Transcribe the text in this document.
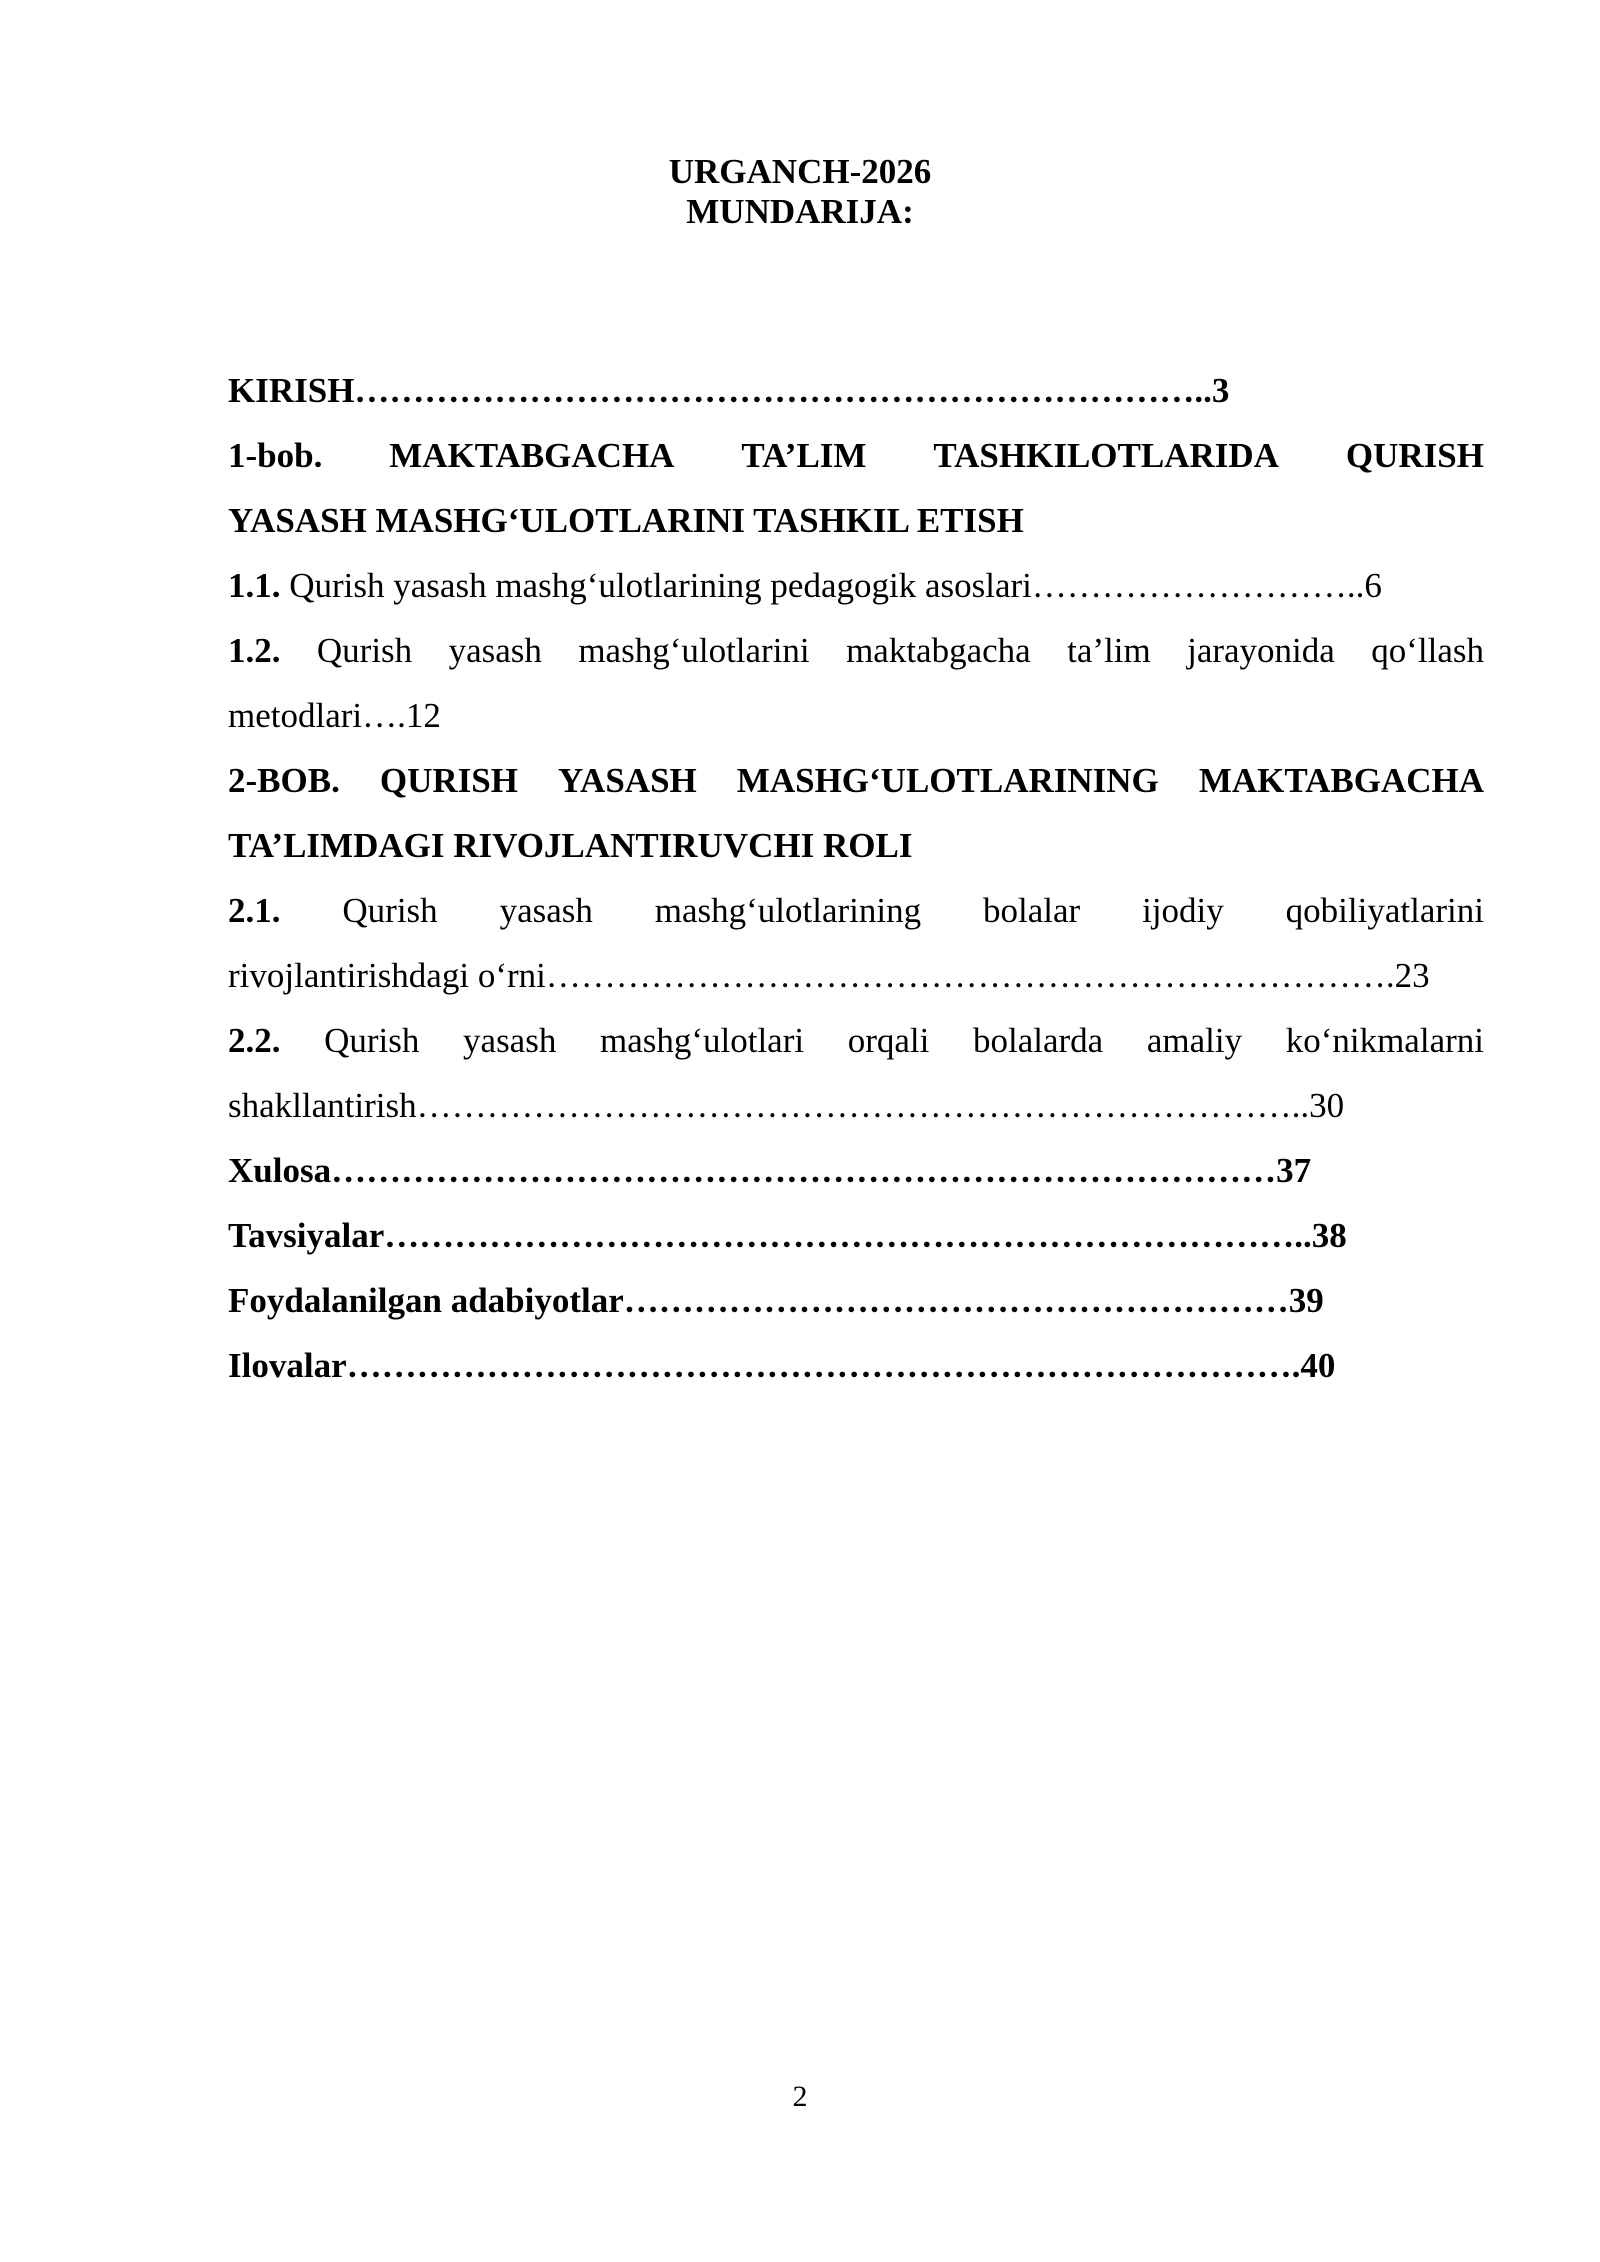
URGANCH-2026
MUNDARIJA:
KIRISH………………………………………………………………..3
1-bob. MAKTABGACHA TA’LIM TASHKILOTLARIDA QURISH
YASASH MASHG‘ULOTLARINI TASHKIL ETISH
1.1. Qurish yasash mashg‘ulotlarining pedagogik asoslari………………………..6
1.2. Qurish yasash mashg‘ulotlarini maktabgacha ta’lim jarayonida qo‘llash
metodlari….12
2-BOB. QURISH YASASH MASHG‘ULOTLARINING MAKTABGACHA
TA’LIMDAGI RIVOJLANTIRUVCHI ROLI
2.1. Qurish yasash mashg‘ulotlarining bolalar ijodiy qobiliyatlarini
rivojlantirishdagi o‘rni……………………………………………………………….23
2.2. Qurish yasash mashg‘ulotlari orqali bolalarda amaliy ko‘nikmalarni
shakllantirish…………………………………………………………………..30
Xulosa………………………………………………………………………37
Tavsiyalar……………………………………………………………………..38
Foydalanilgan adabiyotlar…………………………………………………39
Ilovalar……………………………………………………………………….40
2
